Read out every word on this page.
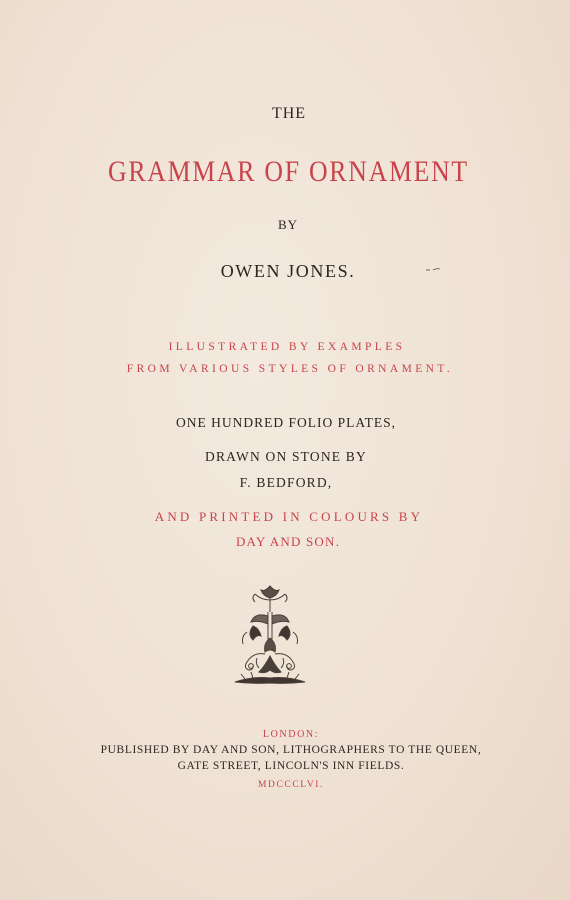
THE
GRAMMAR OF ORNAMENT
BY
OWEN JONES.
ILLUSTRATED BY EXAMPLES
FROM VARIOUS STYLES OF ORNAMENT.
ONE HUNDRED FOLIO PLATES,
DRAWN ON STONE BY
F. BEDFORD,
AND PRINTED IN COLOURS BY
DAY AND SON.
LONDON:
PUBLISHED BY DAY AND SON, LITHOGRAPHERS TO THE QUEEN,
GATE STREET, LINCOLN'S INN FIELDS.
MDCCCLVI.
